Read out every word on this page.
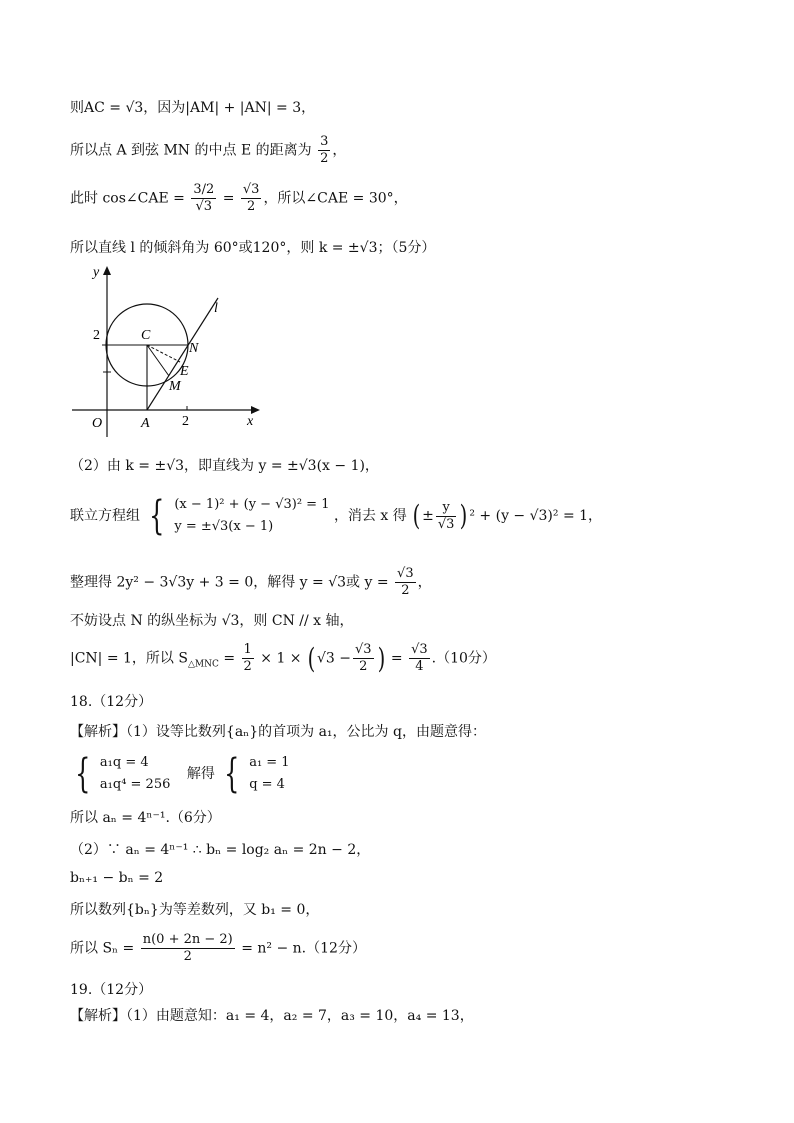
则AC = √3，因为|AM| + |AN| = 3，
所以点 A 到弦 MN 的中点 E 的距离为 $\frac{3}{2}$ ，
此时 cos∠CAE = $\frac{3/2}{√3} = \frac{√3}{2}$ ，所以∠CAE = 30°，
所以直线 l 的倾斜角为 60°或120°，则 k = ±√3；（5分）
y
x
O	A
C
N
E
M
l
2
2
（2）由 k = ±√3，即直线为 y = ±√3(x − 1)，
联立方程组 { (x − 1)² + (y − √3)² = 1
y = ±√3(x − 1)
，消去 x 得 ( ± $\frac{y}{√3}$ ) ² + (y − √3)² = 1，
整理得 2y² − 3√3y + 3 = 0，解得 y = √3或 $y = \frac{√3}{2}$ ，
不妨设点 N 的纵坐标为 √3，则 CN // x 轴，
|CN| = 1，所以 $S_{\triangle MNC} = \frac{1}{2} \times 1$ × ( $√3 - \frac{√3}{2}$ ) = $\frac{√3}{4} .(10$分）
18.（12分）
【解析】（1）设等比数列{aₙ}的首项为 a₁，公比为 q，由题意得：
{ a₁q = 4
a₁q⁴ = 256
解得 { a₁ = 1
q = 4
所以 aₙ = 4ⁿ⁻¹.（6分）
（2）∵ aₙ = 4ⁿ⁻¹ ∴ bₙ = log₂ aₙ = 2n − 2，
bₙ₊₁ − bₙ = 2
所以数列{bₙ}为等差数列，又 b₁ = 0，
所以 $S_n = \frac{n(0 + 2n - 2)}{2} = n^2 - n.(12$分）
19.（12分）
【解析】（1）由题意知：a₁ = 4，a₂ = 7，a₃ = 10，a₄ = 13，
